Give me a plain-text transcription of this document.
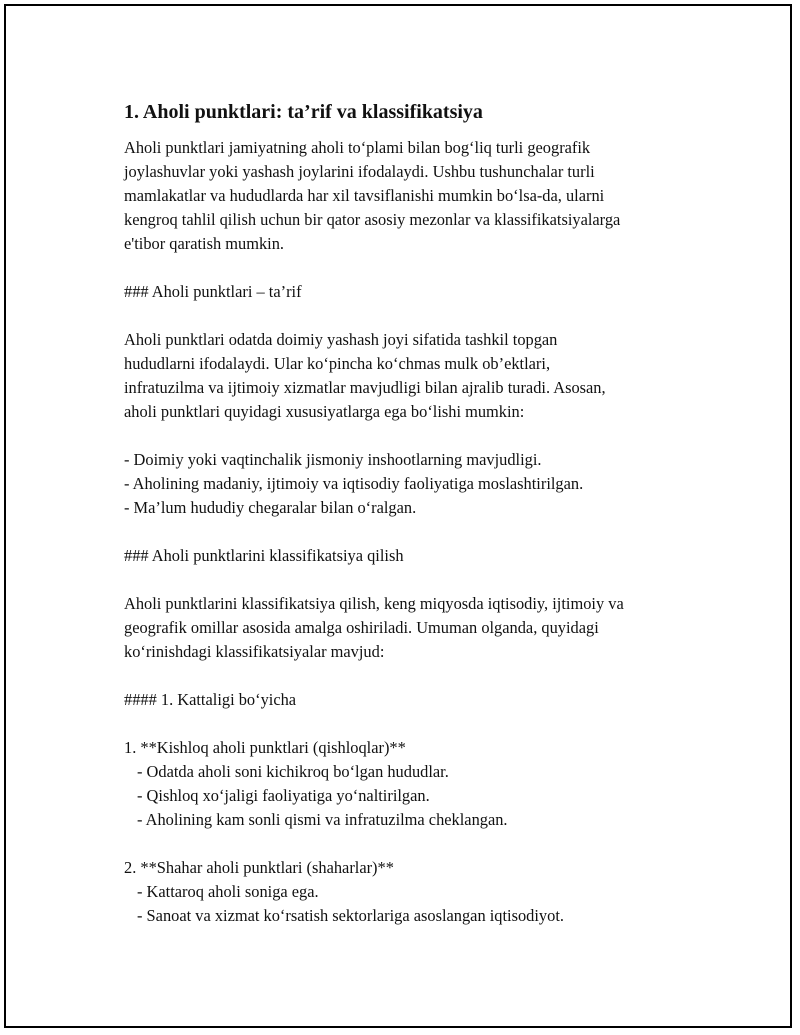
1. Aholi punktlari: ta’rif va klassifikatsiya

Aholi punktlari jamiyatning aholi to‘plami bilan bog‘liq turli geografik
joylashuvlar yoki yashash joylarini ifodalaydi. Ushbu tushunchalar turli
mamlakatlar va hududlarda har xil tavsiflanishi mumkin bo‘lsa-da, ularni
kengroq tahlil qilish uchun bir qator asosiy mezonlar va klassifikatsiyalarga
e'tibor qaratish mumkin.

### Aholi punktlari – ta’rif

Aholi punktlari odatda doimiy yashash joyi sifatida tashkil topgan
hududlarni ifodalaydi. Ular ko‘pincha ko‘chmas mulk ob’ektlari,
infratuzilma va ijtimoiy xizmatlar mavjudligi bilan ajralib turadi. Asosan,
aholi punktlari quyidagi xususiyatlarga ega bo‘lishi mumkin:

- Doimiy yoki vaqtinchalik jismoniy inshootlarning mavjudligi.
- Aholining madaniy, ijtimoiy va iqtisodiy faoliyatiga moslashtirilgan.
- Ma’lum hududiy chegaralar bilan o‘ralgan.

### Aholi punktlarini klassifikatsiya qilish

Aholi punktlarini klassifikatsiya qilish, keng miqyosda iqtisodiy, ijtimoiy va
geografik omillar asosida amalga oshiriladi. Umuman olganda, quyidagi
ko‘rinishdagi klassifikatsiyalar mavjud:

#### 1. Kattaligi bo‘yicha

1. **Kishloq aholi punktlari (qishloqlar)**
- Odatda aholi soni kichikroq bo‘lgan hududlar.
- Qishloq xo‘jaligi faoliyatiga yo‘naltirilgan.
- Aholining kam sonli qismi va infratuzilma cheklangan.
2. **Shahar aholi punktlari (shaharlar)**
- Kattaroq aholi soniga ega.
- Sanoat va xizmat ko‘rsatish sektorlariga asoslangan iqtisodiyot.
